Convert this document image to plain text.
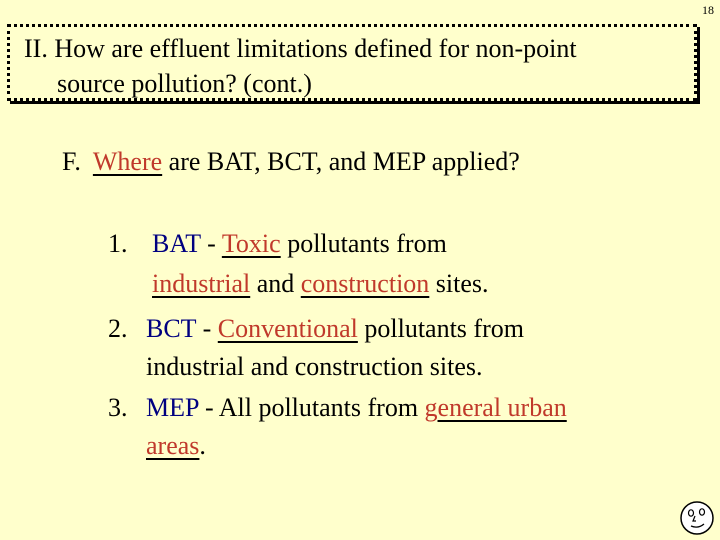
18
II. How are effluent limitations defined for non-point
source pollution? (cont.)
F. Where are BAT, BCT, and MEP applied?
1. BAT - Toxic pollutants from
industrial and construction sites.
2. BCT - Conventional pollutants from
industrial and construction sites.
3. MEP - All pollutants from general urban
areas.
